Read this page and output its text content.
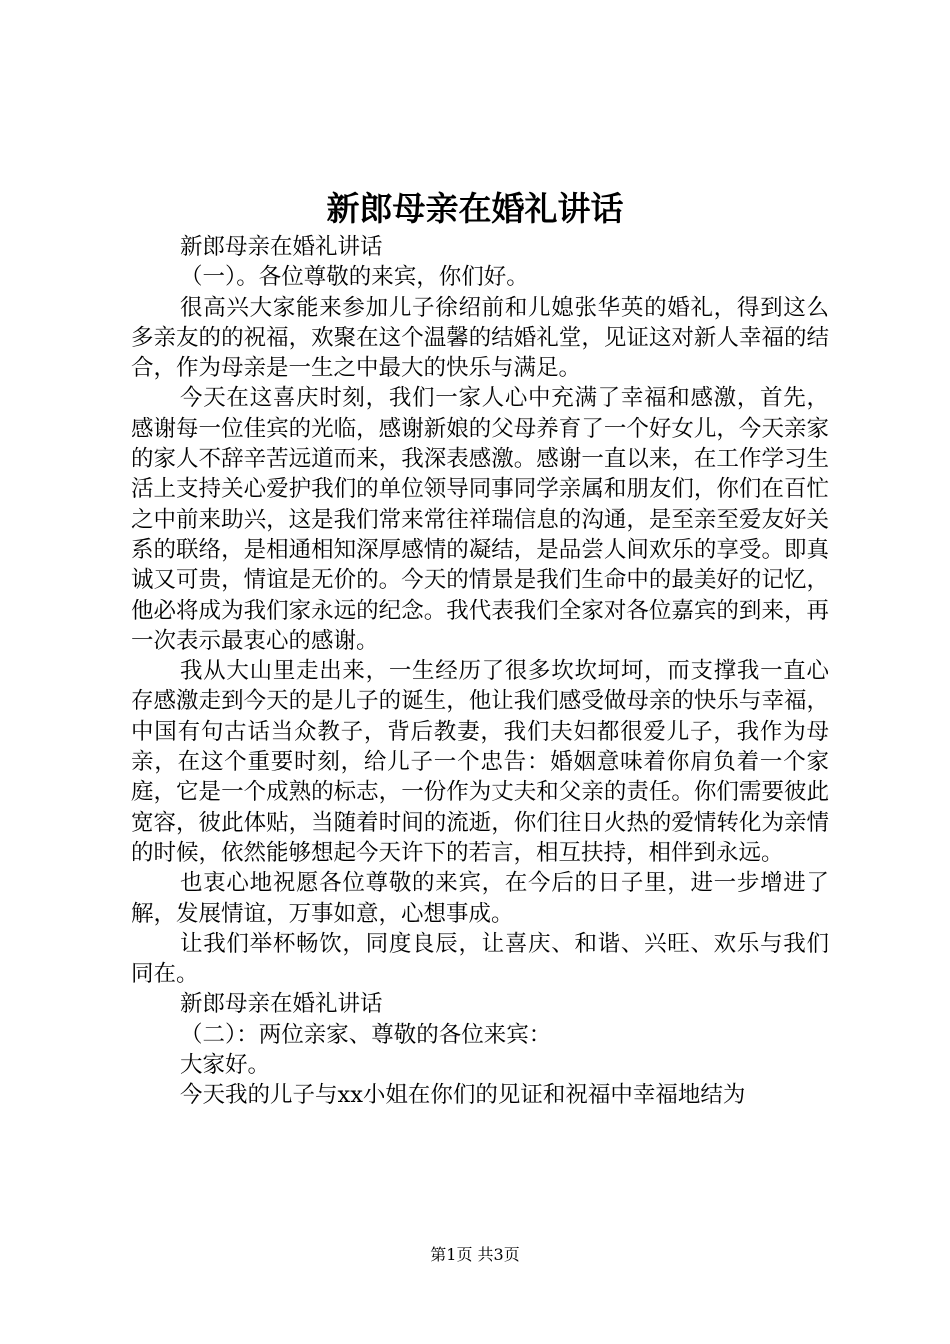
新郎母亲在婚礼讲话

新郎母亲在婚礼讲话

（一）。各位尊敬的来宾，你们好。

很高兴大家能来参加儿子徐绍前和儿媳张华英的婚礼，得到这么多亲友的的祝福，欢聚在这个温馨的结婚礼堂，见证这对新人幸福的结合，作为母亲是一生之中最大的快乐与满足。

今天在这喜庆时刻，我们一家人心中充满了幸福和感激，首先，感谢每一位佳宾的光临，感谢新娘的父母养育了一个好女儿，今天亲家的家人不辞辛苦远道而来，我深表感激。感谢一直以来，在工作学习生活上支持关心爱护我们的单位领导同事同学亲属和朋友们，你们在百忙之中前来助兴，这是我们常来常往祥瑞信息的沟通，是至亲至爱友好关系的联络，是相通相知深厚感情的凝结，是品尝人间欢乐的享受。即真诚又可贵，情谊是无价的。今天的情景是我们生命中的最美好的记忆，他必将成为我们家永远的纪念。我代表我们全家对各位嘉宾的到来，再一次表示最衷心的感谢。

我从大山里走出来，一生经历了很多坎坎坷坷，而支撑我一直心存感激走到今天的是儿子的诞生，他让我们感受做母亲的快乐与幸福，中国有句古话当众教子，背后教妻，我们夫妇都很爱儿子，我作为母亲，在这个重要时刻，给儿子一个忠告：婚姻意味着你肩负着一个家庭，它是一个成熟的标志，一份作为丈夫和父亲的责任。你们需要彼此宽容，彼此体贴，当随着时间的流逝，你们往日火热的爱情转化为亲情的时候，依然能够想起今天许下的若言，相互扶持，相伴到永远。

也衷心地祝愿各位尊敬的来宾，在今后的日子里，进一步增进了解，发展情谊，万事如意，心想事成。

让我们举杯畅饮，同度良辰，让喜庆、和谐、兴旺、欢乐与我们同在。

新郎母亲在婚礼讲话

（二）：两位亲家、尊敬的各位来宾：

大家好。

今天我的儿子与xx小姐在你们的见证和祝福中幸福地结为

第1页 共3页
